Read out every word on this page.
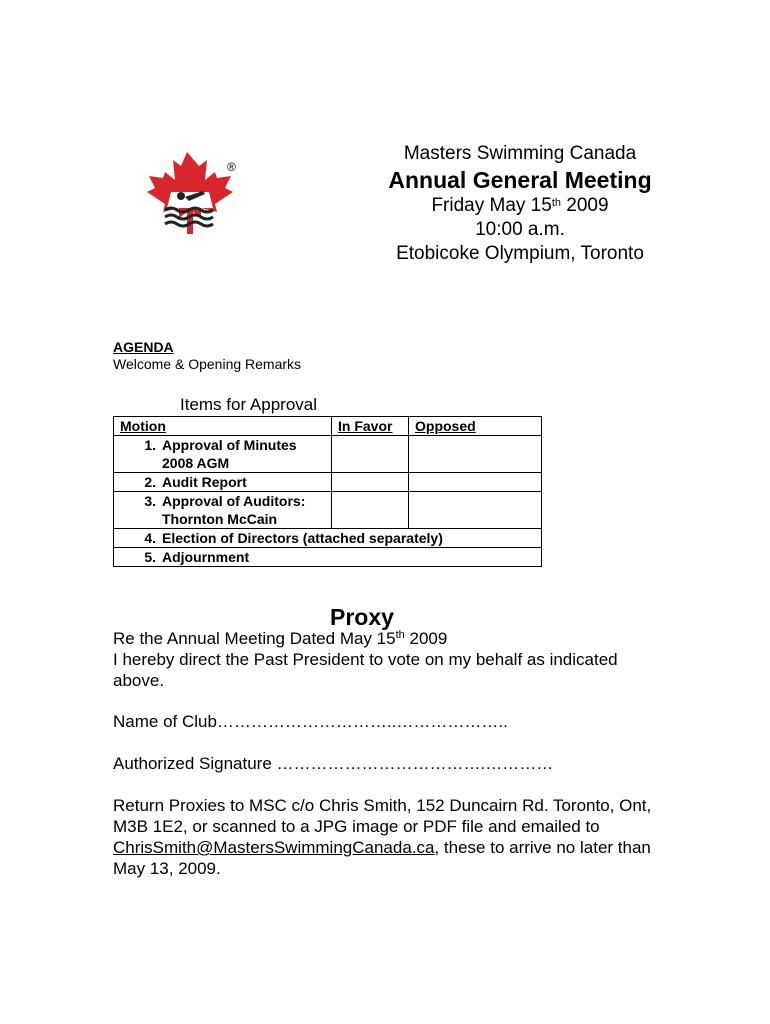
®
Masters Swimming Canada
Annual General Meeting
Friday May 15th 2009
10:00 a.m.
Etobicoke Olympium, Toronto
AGENDA
Welcome & Opening Remarks
Items for Approval
Motion	In Favor	Opposed
1. Approval of Minutes
2008 AGM		

2. Audit Report		
3. Approval of Auditors:
Thornton McCain		

4. Election of Directors (attached separately)		
5. Adjournment		
Proxy

Re the Annual Meeting Dated May 15th 2009

I hereby direct the Past President to vote on my behalf as indicated above.

Name of Club…………………………..………………..

Authorized Signature ……………………………….…………

Return Proxies to MSC c/o Chris Smith, 152 Duncairn Rd. Toronto, Ont, M3B 1E2, or scanned to a JPG image or PDF file and emailed to ChrisSmith@MastersSwimmingCanada.ca, these to arrive no later than May 13, 2009.
